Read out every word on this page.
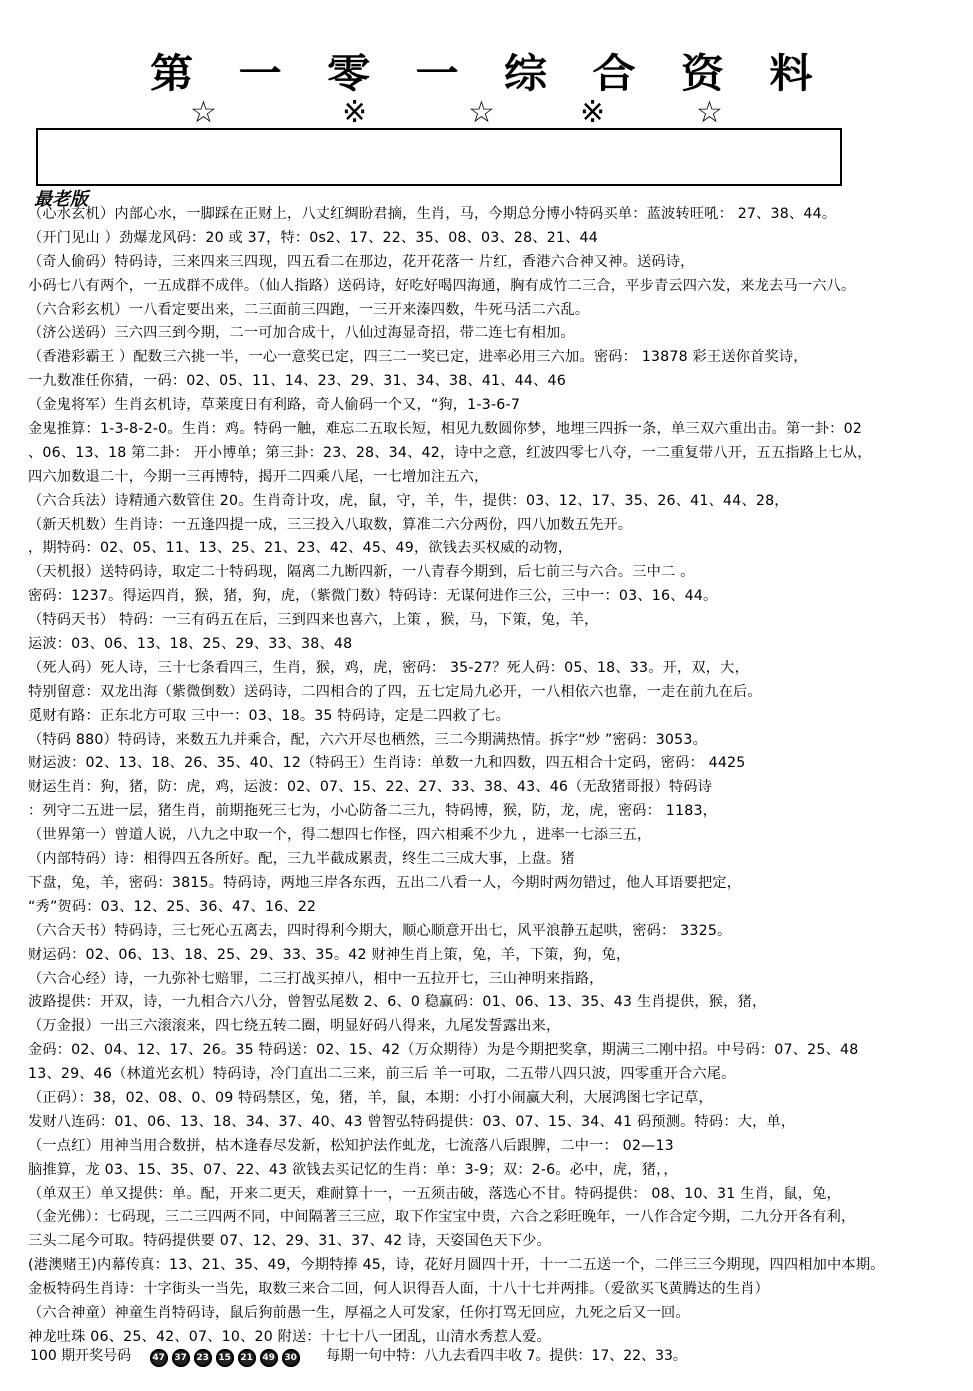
第 一 零 一 综 合 资 料
☆	※	☆	※	☆
最老版
（心水玄机）内部心水，一脚踩在正财上，八丈红绸盼君摘，生肖，马，今期总分博小特码买单：蓝波转旺吼： 27、38、44。
（开门见山 ）劲爆龙风码：20 或 37，特：0s2、17、22、35、08、03、28、21、44
（奇人偷码）特码诗，三来四来三四现，四五看二在那边，花开花落一 片红，香港六合神又神。送码诗，
小码七八有两个，一五成群不成伴。（仙人指路）送码诗，好吃好喝四海通，胸有成竹二三合，平步青云四六发，来龙去马一六八。
（六合彩玄机）一八看定要出来，二三面前三四跑，一三开来溱四数，牛死马活二六乱。
（济公送码）三六四三到今期，二一可加合成十，八仙过海显奇招，带二连七有相加。
（香港彩霸王 ）配数三六挑一半，一心一意奖已定，四三二一奖已定，进率必用三六加。密码： 13878 彩王送你首奖诗，
一九数准任你猜，一码：02、05、11、14、23、29、31、34、38、41、44、46
（金鬼将军）生肖玄机诗，草莱度日有利路，奇人偷码一个又，“狗，1-3-6-7
金鬼推算：1-3-8-2-0。生肖：鸡。特码一触，难忘二五取长短，相见九数圆你梦，地埋三四拆一条，单三双六重出击。第一卦：02
、06、13、18 第二卦： 开小博单；第三卦：23、28、34、42，诗中之意，红波四零七八夺，一二重复带八开，五五指路上七从，
四六加数退二十，今期一三再博特，揭开二四乘八尾，一七增加注五六，
（六合兵法）诗精通六数管住 20。生肖奇计攻，虎，鼠，守，羊，牛，提供：03、12、17、35、26、41、44、28，
（新天机数）生肖诗：一五逢四提一成，三三投入八取数，算准二六分两份，四八加数五先开。
，期特码：02、05、11、13、25、21、23、42、45、49，欲钱去买权威的动物，
（天机报）送特码诗，取定二十特码现，隔离二九断四新，一八青春今期到，后七前三与六合。三中二 。
密码：1237。得运四肖，猴，猪，狗，虎，（紫微门数）特码诗：无谋何进作三公，三中一：03、16、44。
（特码天书） 特码：一三有码五在后，三到四来也喜六，上策 ，猴，马，下策，兔，羊，
运波：03、06、13、18、25、29、33、38、48
（死人码）死人诗，三十七条看四三，生肖，猴，鸡，虎，密码： 35-27？死人码：05、18、33。开，双，大，
特别留意：双龙出海（紫微倒数）送码诗，二四相合的了四，五七定局九必开，一八相依六也靠，一走在前九在后。
觅财有路：正东北方可取 三中一：03、18。35 特码诗，定是二四救了七。
（特码 880）特码诗，来数五九并乘合，配，六六开尽也栖然，三二今期满热情。拆字“炒 ”密码：3053。
财运波：02、13、18、26、35、40、12（特码王）生肖诗：单数一九和四数，四五相合十定码，密码： 4425
财运生肖：狗，猪，防：虎，鸡，运波：02、07、15、22、27、33、38、43、46（无敌猪哥报）特码诗
：列守二五进一层，猪生肖，前期拖死三七为，小心防备二三九，特码博，猴，防，龙，虎，密码： 1183，
（世界第一）曾道人说，八九之中取一个，得二想四七作怪，四六相乘不少九 ，进率一七添三五，
（内部特码）诗：相得四五各所好。配，三九半截成累责，终生二三成大事，上盘。猪
下盘，兔，羊，密码：3815。特码诗，两地三岸各东西，五出二八看一人，今期时两勿错过，他人耳语要把定，
“秀”贺码：03、12、25、36、47、16、22
（六合天书）特码诗，三七死心五离去，四时得利今期大，顺心顺意开出七，风平浪静五起哄，密码： 3325。
财运码：02、06、13、18、25、29、33、35。42 财神生肖上策，兔，羊，下策，狗，兔，
（六合心经）诗，一九弥补七赔罪，二三打战买掉八，相中一五拉开七，三山神明来指路，
波路提供：开双，诗，一九相合六八分，曾智弘尾数 2、6、0 稳赢码：01、06、13、35、43 生肖提供，猴，猪，
（万金报）一出三六滚滚来，四七绕五转二圈，明显好码八得来，九尾发誓露出来，
金码：02、04、12、17、26。35 特码送：02、15、42（万众期待）为是今期把奖拿，期满三二刚中招。中号码：07、25、48
13、29、46（林道光玄机）特码诗，冷门直出二三来，前三后 羊一可取，二五带八四只波，四零重开合六尾。
（正码）：38，02、08、0、09 特码禁区，兔，猪，羊，鼠，本期：小打小闹赢大利，大展鸿图七字记草，
发财八连码：01、06、13、18、34、37、40、43 曾智弘特码提供：03、07、15、34、41 码预测。特码：大，单，
（一点红）用神当用合数拼，枯木逢春尽发新，松知护法作虬龙，七流落八后跟脾，二中一： 02—13
脑推算，龙 03、15、35、07、22、43 欲钱去买记忆的生肖：单：3-9；双：2-6。必中，虎，猪，，
（单双王）单又提供：单。配，开来二更天，难耐算十一，一五须击破，落选心不甘。特码提供： 08、10、31 生肖，鼠，兔，
（金光佛）：七码现，三二三四两不同，中间隔著三三应，取下作宝宝中贵，六合之彩旺晚年，一八作合定今期，二九分开各有利，
三头二尾今可取。特码提供要 07、12、29、31、37、42 诗，天姿国色天下少。
(港澳赌王)内幕传真：13、21、35、49，今期特捧 45，诗，花好月圆四十开，十一二五送一个，二伴三三今期现，四四相加中本期。
金板特码生肖诗：十字街头一当先，取数三来合二回，何人识得吾人面，十八十七并两排。（爱欲买飞黄腾达的生肖）
（六合神童）神童生肖特码诗，鼠后狗前愚一生，厚福之人可发家，任你打骂无回应，九死之后又一回。
神龙吐珠 06、25、42、07、10、20 附送：十七十八一团乱，山清水秀惹人爱。
100 期开奖号码 47 37 23 15 21 49 30 每期一句中特：八九去看四丰收 7。提供：17、22、33。
